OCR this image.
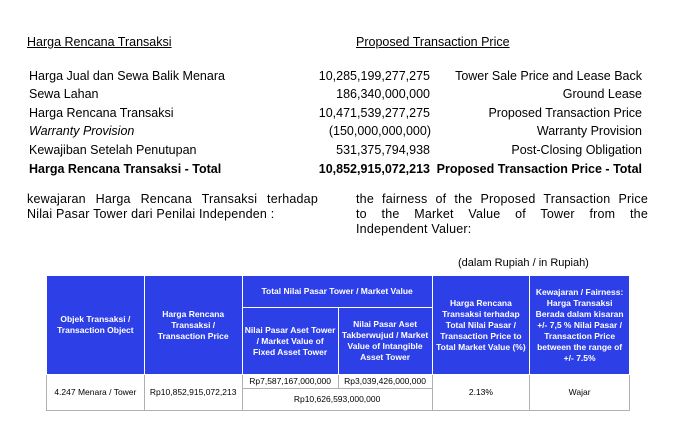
Harga Rencana Transaksi	Proposed Transaction Price
Harga Jual dan Sewa Balik Menara	10,285,199,277,275 Tower Sale Price and Lease Back
Sewa Lahan	186,340,000,000	Ground Lease
Harga Rencana Transaksi	10,471,539,277,275	Proposed Transaction Price
Warranty Provision	(150,000,000,000)	Warranty Provision
Kewajiban Setelah Penutupan	531,375,794,938	Post-Closing Obligation
Harga Rencana Transaksi - Total	10,852,915,072,213 Proposed Transaction Price - Total
kewajaran Harga Rencana Transaksi terhadap
Nilai Pasar Tower dari Penilai Independen :
the fairness of the Proposed Transaction Price
to the Market Value of Tower from the
Independent Valuer:
(dalam Rupiah / in Rupiah)
Objek Transaksi / Transaction Object	Harga Rencana Transaksi / Transaction Price	Total Nilai Pasar Tower / Market Value		Harga Rencana Transaksi terhadap Total Nilai Pasar / Transaction Price to Total Market Value (%)	Kewajaran / Fairness: Harga Transaksi Berada dalam kisaran +/- 7,5 % Nilai Pasar / Transaction Price between the range of +/- 7.5%
		Nilai Pasar Aset Tower / Market Value of Fixed Asset Tower	Nilai Pasar Aset Takberwujud / Market Value of Intangible Asset Tower		
4.247 Menara / Tower	Rp10,852,915,072,213	Rp7,587,167,000,000	Rp3,039,426,000,000	2.13%	Wajar
		Rp10,626,593,000,000			
